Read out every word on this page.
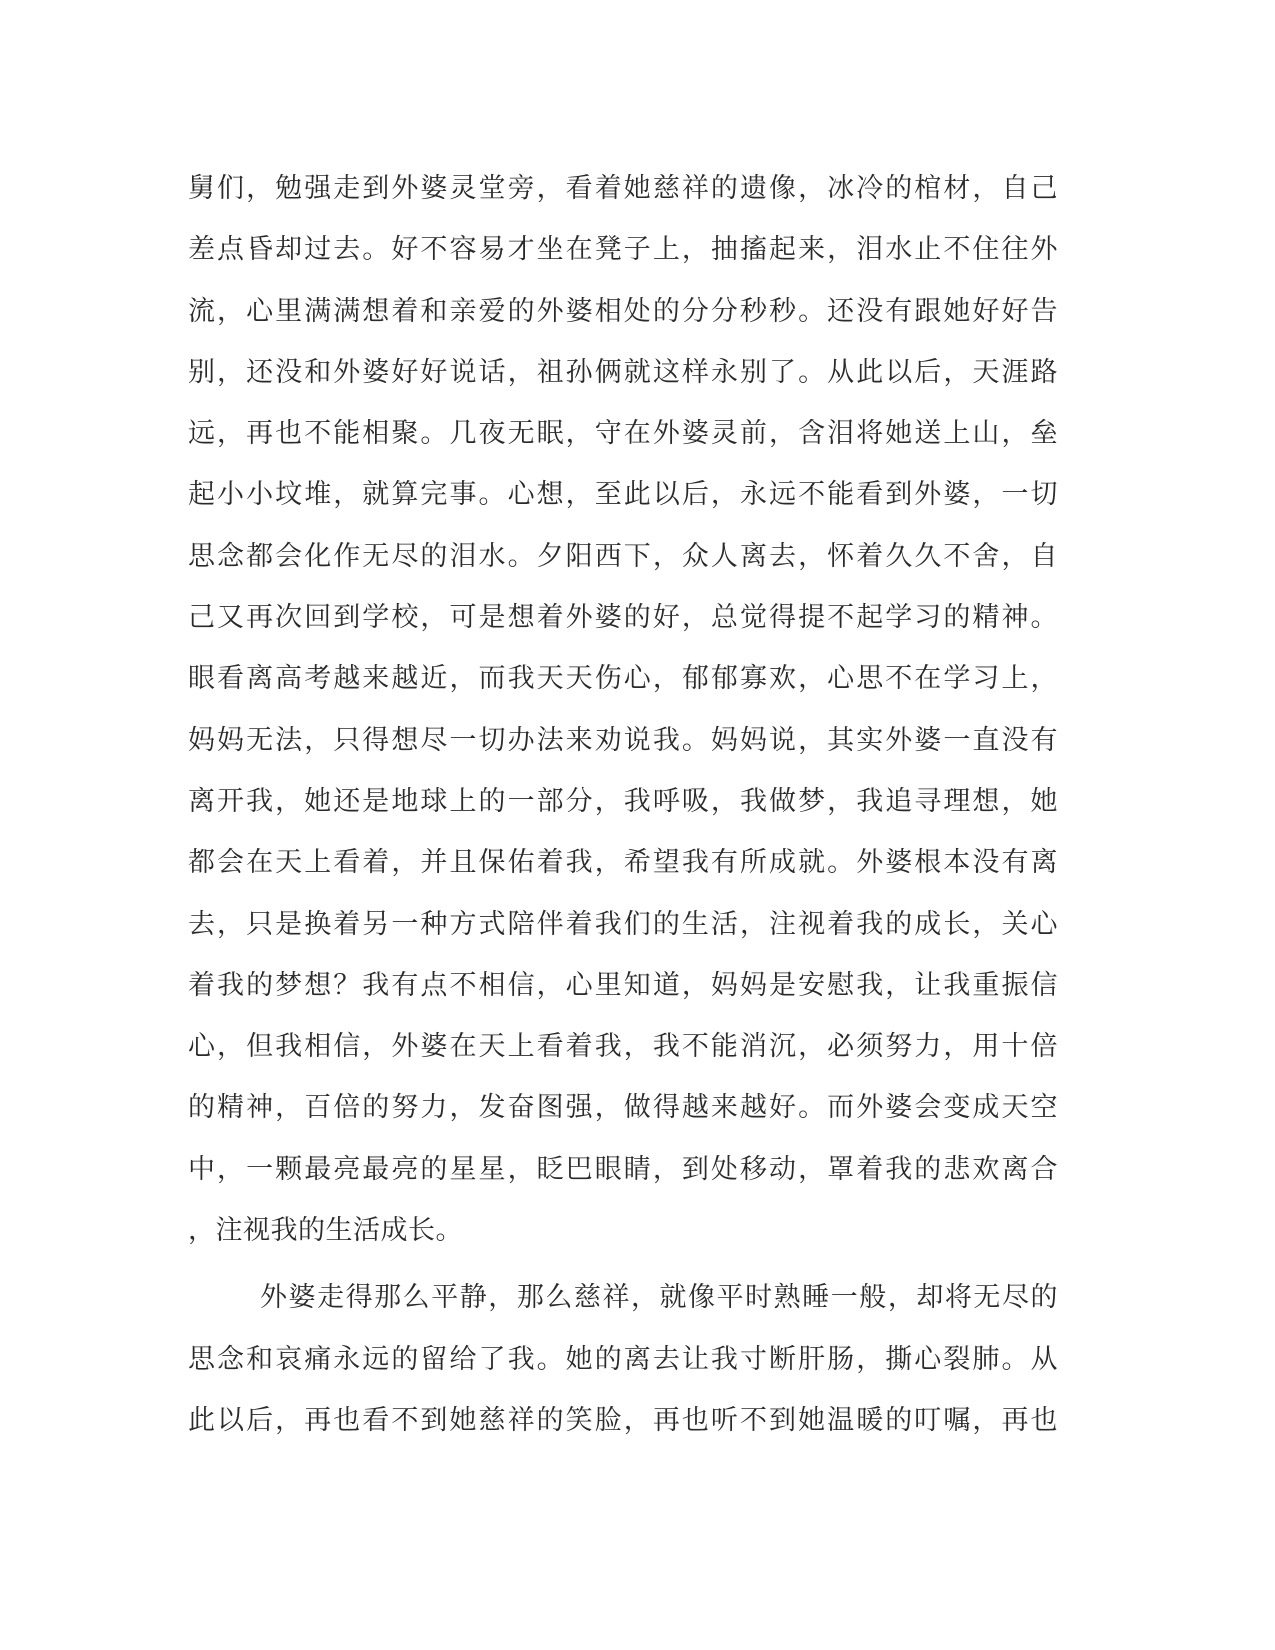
舅们，勉强走到外婆灵堂旁，看着她慈祥的遗像，冰冷的棺材，自己
差点昏却过去。好不容易才坐在凳子上，抽搐起来，泪水止不住往外
流，心里满满想着和亲爱的外婆相处的分分秒秒。还没有跟她好好告
别，还没和外婆好好说话，祖孙俩就这样永别了。从此以后，天涯路
远，再也不能相聚。几夜无眠，守在外婆灵前，含泪将她送上山，垒
起小小坟堆，就算完事。心想，至此以后，永远不能看到外婆，一切
思念都会化作无尽的泪水。夕阳西下，众人离去，怀着久久不舍，自
己又再次回到学校，可是想着外婆的好，总觉得提不起学习的精神。
眼看离高考越来越近，而我天天伤心，郁郁寡欢，心思不在学习上，
妈妈无法，只得想尽一切办法来劝说我。妈妈说，其实外婆一直没有
离开我，她还是地球上的一部分，我呼吸，我做梦，我追寻理想，她
都会在天上看着，并且保佑着我，希望我有所成就。外婆根本没有离
去，只是换着另一种方式陪伴着我们的生活，注视着我的成长，关心
着我的梦想？我有点不相信，心里知道，妈妈是安慰我，让我重振信
心，但我相信，外婆在天上看着我，我不能消沉，必须努力，用十倍
的精神，百倍的努力，发奋图强，做得越来越好。而外婆会变成天空
中，一颗最亮最亮的星星，眨巴眼睛，到处移动，罩着我的悲欢离合
，注视我的生活成长。
外婆走得那么平静，那么慈祥，就像平时熟睡一般，却将无尽的
思念和哀痛永远的留给了我。她的离去让我寸断肝肠，撕心裂肺。从
此以后，再也看不到她慈祥的笑脸，再也听不到她温暖的叮嘱，再也
